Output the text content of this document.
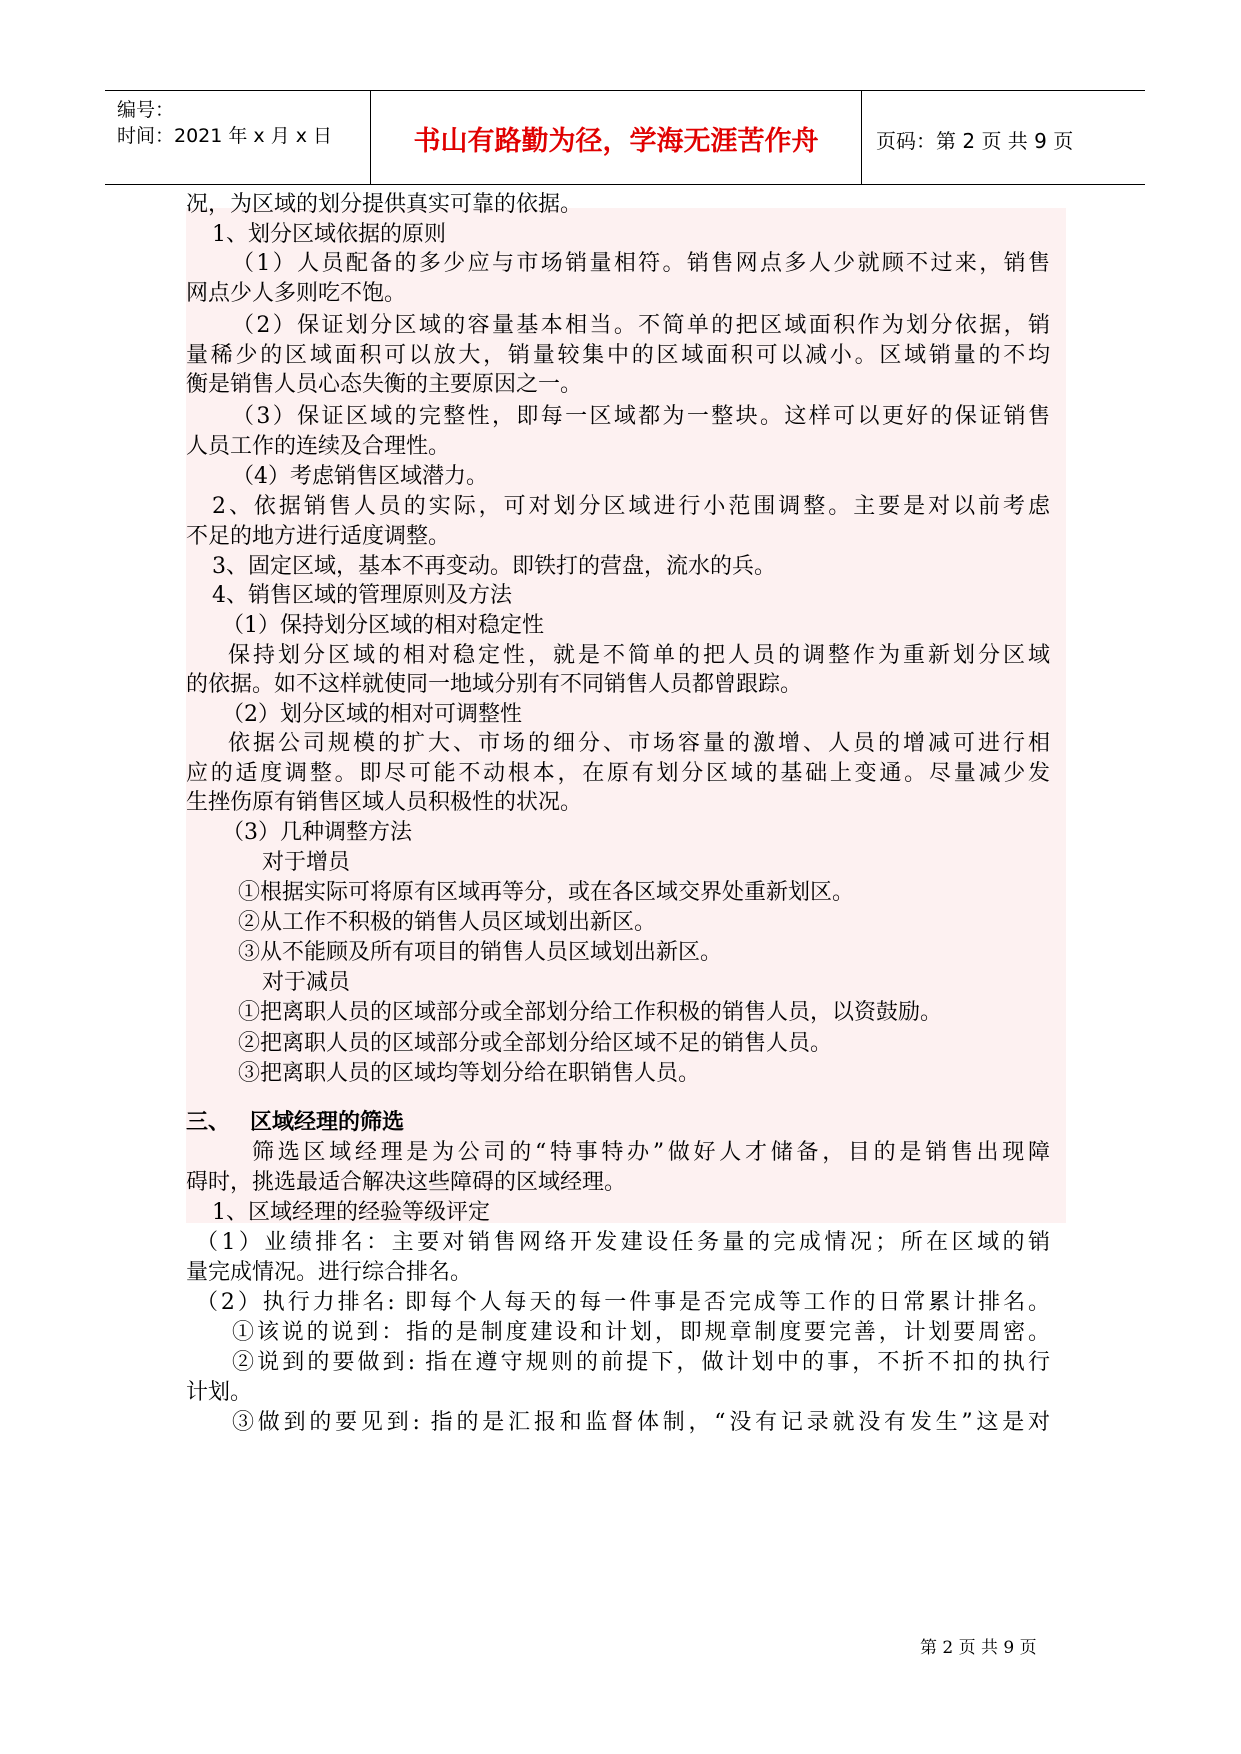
编号：
时间：2021 年 x 月 x 日	书山有路勤为径，学海无涯苦作舟	页码：第 2 页 共 9 页
况，为区域的划分提供真实可靠的依据。
1、划分区域依据的原则
（1）人员配备的多少应与市场销量相符。销售网点多人少就顾不过来，销售
网点少人多则吃不饱。
（2）保证划分区域的容量基本相当。不简单的把区域面积作为划分依据，销
量稀少的区域面积可以放大，销量较集中的区域面积可以减小。区域销量的不均
衡是销售人员心态失衡的主要原因之一。
（3）保证区域的完整性，即每一区域都为一整块。这样可以更好的保证销售
人员工作的连续及合理性。
（4）考虑销售区域潜力。
2、依据销售人员的实际，可对划分区域进行小范围调整。主要是对以前考虑
不足的地方进行适度调整。
3、固定区域，基本不再变动。即铁打的营盘，流水的兵。
4、销售区域的管理原则及方法
（1）保持划分区域的相对稳定性
保持划分区域的相对稳定性，就是不简单的把人员的调整作为重新划分区域
的依据。如不这样就使同一地域分别有不同销售人员都曾跟踪。
（2）划分区域的相对可调整性
依据公司规模的扩大、市场的细分、市场容量的激增、人员的增减可进行相
应的适度调整。即尽可能不动根本，在原有划分区域的基础上变通。尽量减少发
生挫伤原有销售区域人员积极性的状况。
（3）几种调整方法
对于增员
①根据实际可将原有区域再等分，或在各区域交界处重新划区。
②从工作不积极的销售人员区域划出新区。
③从不能顾及所有项目的销售人员区域划出新区。
对于减员
①把离职人员的区域部分或全部划分给工作积极的销售人员，以资鼓励。
②把离职人员的区域部分或全部划分给区域不足的销售人员。
③把离职人员的区域均等划分给在职销售人员。
三、 区域经理的筛选
筛选区域经理是为公司的“特事特办”做好人才储备，目的是销售出现障
碍时，挑选最适合解决这些障碍的区域经理。
1、区域经理的经验等级评定
（1）业绩排名：主要对销售网络开发建设任务量的完成情况；所在区域的销
量完成情况。进行综合排名。
（2）执行力排名: 即每个人每天的每一件事是否完成等工作的日常累计排名。
①该说的说到：指的是制度建设和计划，即规章制度要完善，计划要周密。
②说到的要做到: 指在遵守规则的前提下，做计划中的事，不折不扣的执行
计划。
③做到的要见到: 指的是汇报和监督体制，“没有记录就没有发生”这是对
第 2 页 共 9 页
